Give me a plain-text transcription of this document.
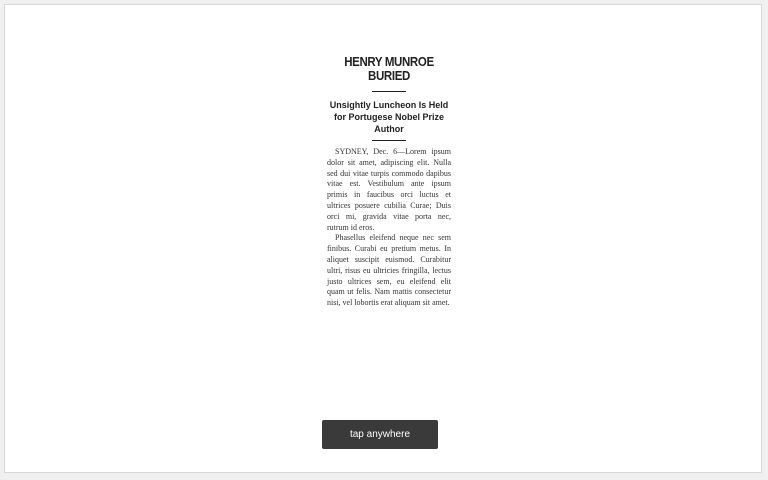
HENRY MUNROE BURIED
Unsightly Luncheon Is Held for Portugese Nobel Prize Author

SYDNEY, Dec. 6—Lorem ipsum dolor sit amet, adipiscing elit. Nulla sed dui vitae turpis commodo dapibus vitae est. Vestibulum ante ipsum primis in faucibus orci luctus et ultrices posuere cubilia Curae; Duis orci mi, gravida vitae porta nec, rutrum id eros.

Phasellus eleifend neque nec sem finibus. Curabi eu pretium metus. In aliquet suscipit euismod. Curabitur ultri, risus eu ultricies fringilla, lectus justo ultrices sem, eu eleifend elit quam ut felis. Nam mattis consectetur nisi, vel lobortis erat aliquam sit amet.

tap anywhere
